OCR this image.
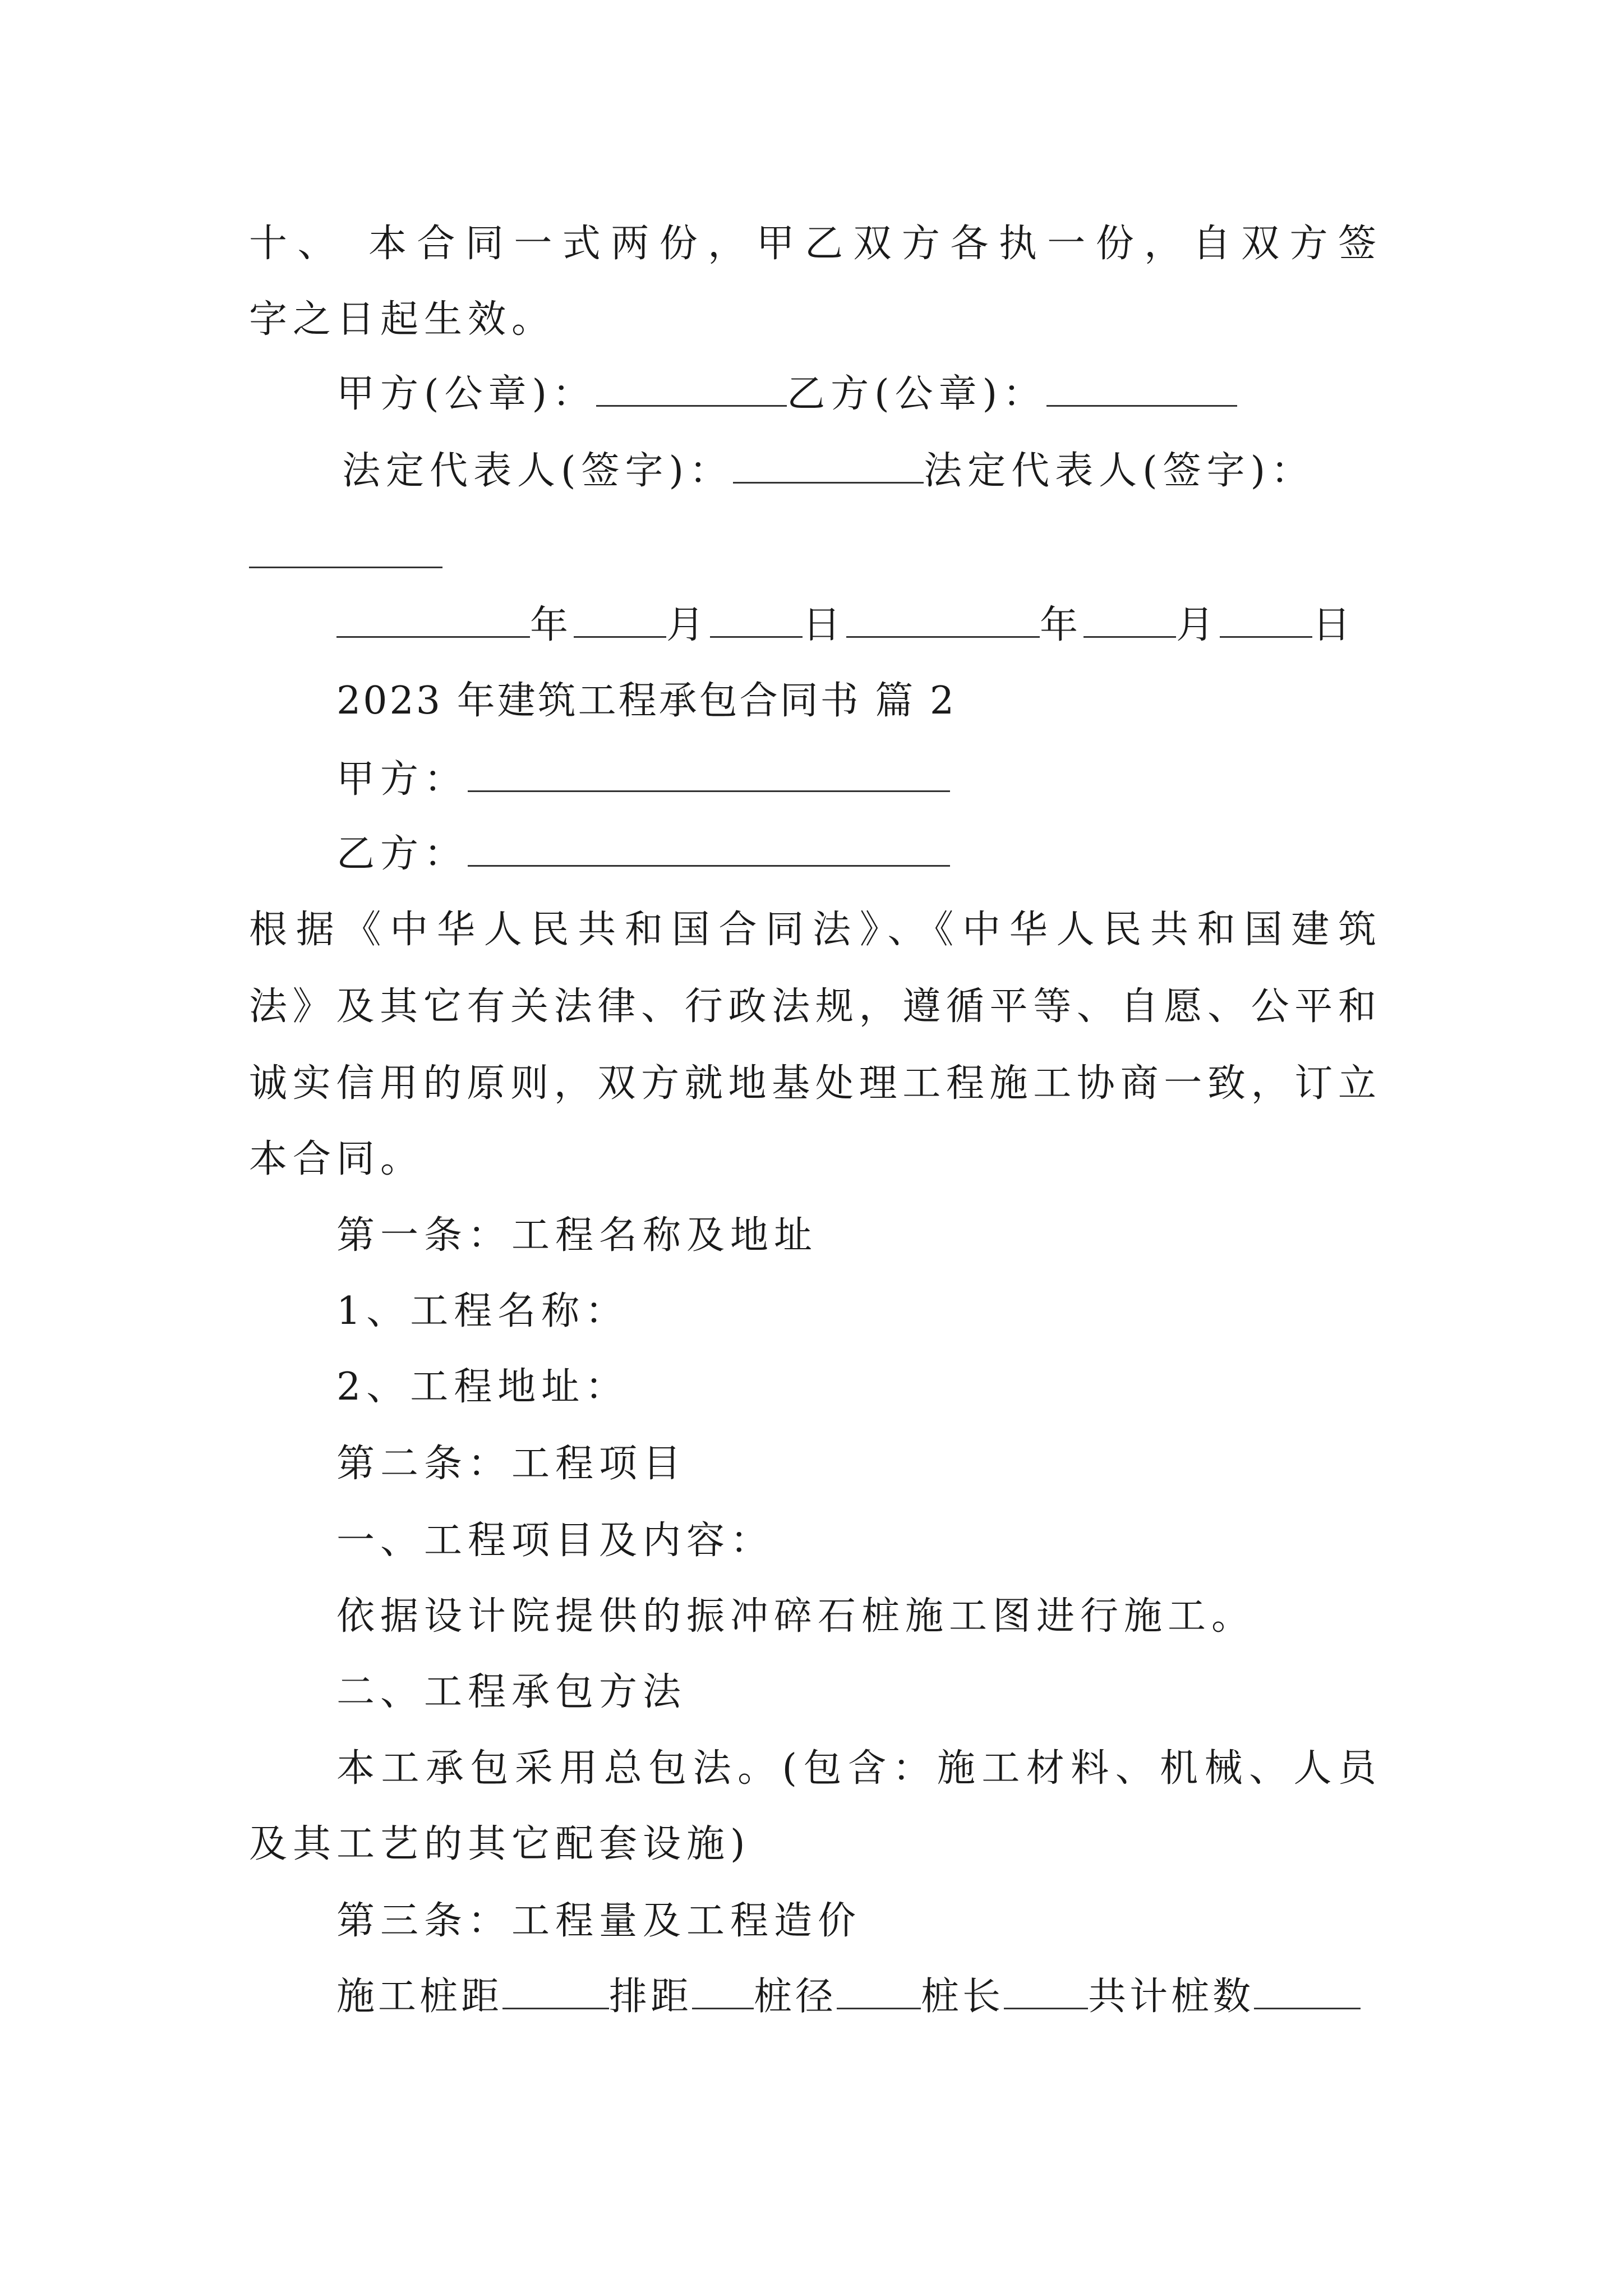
十、 本合同一式两份，甲乙双方各执一份，自双方签
字之日起生效。
甲方(公章)：	乙方(公章)：
法定代表人(签字)：	法定代表人(签字)：
年 月 日	年 月 日
2023 年建筑工程承包合同书 篇 2
甲方：
乙方：
根据《中华人民共和国合同法》、《中华人民共和国建筑
法》及其它有关法律、行政法规，遵循平等、自愿、公平和
诚实信用的原则，双方就地基处理工程施工协商一致，订立
本合同。
第一条：工程名称及地址
1、工程名称：
2、工程地址：
第二条：工程项目
一、工程项目及内容：
依据设计院提供的振冲碎石桩施工图进行施工。
二、工程承包方法
本工承包采用总包法。(包含：施工材料、机械、人员
及其工艺的其它配套设施)
第三条：工程量及工程造价
施工桩距	排距 桩径 桩长 共计桩数
